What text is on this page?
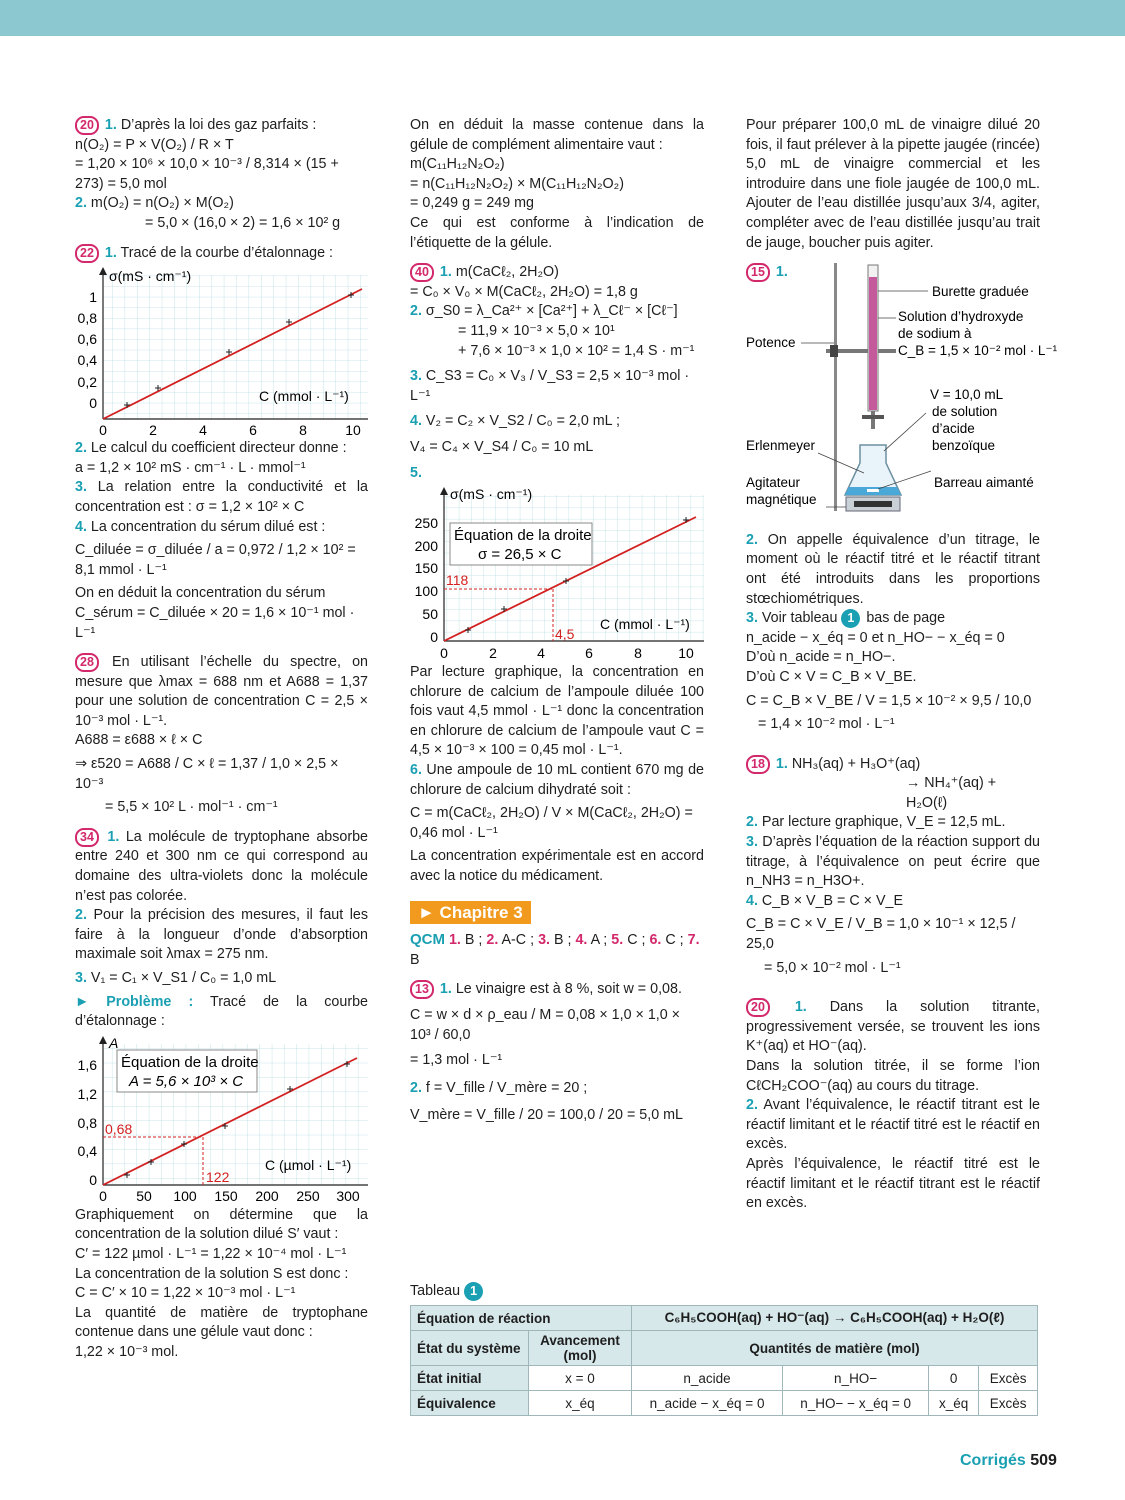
20 1. D’après la loi des gaz parfaits :

n(O₂) = P × V(O₂) / R × T

= 1,20 × 10⁶ × 10,0 × 10⁻³ / 8,314 × (15 + 273) = 5,0 mol

2. m(O₂) = n(O₂) × M(O₂)

= 5,0 × (16,0 × 2) = 1,6 × 10² g

22 1. Tracé de la courbe d’étalonnage :

σ(mS · cm⁻¹)
C (mmol · L⁻¹)
1
0,8
0,6
0,4
0,2
0
0	2	4	6	8	10

2. Le calcul du coefficient directeur donne :

a = 1,2 × 10² mS · cm⁻¹ · L · mmol⁻¹

3. La relation entre la conductivité et la concentration est : σ = 1,2 × 10² × C

4. La concentration du sérum dilué est :

C_diluée = σ_diluée / a = 0,972 / 1,2 × 10² = 8,1 mmol · L⁻¹

On en déduit la concentration du sérum

C_sérum = C_diluée × 20 = 1,6 × 10⁻¹ mol · L⁻¹

28 En utilisant l’échelle du spectre, on mesure que λmax = 688 nm et A688 = 1,37 pour une solution de concentration C = 2,5 × 10⁻³ mol · L⁻¹.

A688 = ε688 × ℓ × C

⇒ ε520 = A688 / C × ℓ = 1,37 / 1,0 × 2,5 × 10⁻³

= 5,5 × 10² L · mol⁻¹ · cm⁻¹

34 1. La molécule de tryptophane absorbe entre 240 et 300 nm ce qui correspond au domaine des ultra-violets donc la molécule n’est pas colorée.

2. Pour la précision des mesures, il faut les faire à la longueur d’onde d’absorption maximale soit λmax = 275 nm.

3. V₁ = C₁ × V_S1 / C₀ = 1,0 mL

► Problème : Tracé de la courbe d’étalonnage :

Équation de la droite
A = 5,6 × 10³ × C
A
C (µmol · L⁻¹)
0,68
122
1,6
1,2
0,8
0,4
0
0 50 100 150 200 250 300

Graphiquement on détermine que la concentration de la solution dilué S′ vaut :

C′ = 122 µmol · L⁻¹ = 1,22 × 10⁻⁴ mol · L⁻¹

La concentration de la solution S est donc :

C = C′ × 10 = 1,22 × 10⁻³ mol · L⁻¹

La quantité de matière de tryptophane contenue dans une gélule vaut donc :

1,22 × 10⁻³ mol.

On en déduit la masse contenue dans la gélule de complément alimentaire vaut :

m(C₁₁H₁₂N₂O₂)

= n(C₁₁H₁₂N₂O₂) × M(C₁₁H₁₂N₂O₂)

= 0,249 g = 249 mg

Ce qui est conforme à l’indication de l’étiquette de la gélule.

40 1. m(CaCℓ₂, 2H₂O)

= C₀ × V₀ × M(CaCℓ₂, 2H₂O) = 1,8 g

2. σ_S0 = λ_Ca²⁺ × [Ca²⁺] + λ_Cℓ⁻ × [Cℓ⁻]

= 11,9 × 10⁻³ × 5,0 × 10¹

+ 7,6 × 10⁻³ × 1,0 × 10² = 1,4 S · m⁻¹

3. C_S3 = C₀ × V₃ / V_S3 = 2,5 × 10⁻³ mol · L⁻¹

4. V₂ = C₂ × V_S2 / C₀ = 2,0 mL ;

V₄ = C₄ × V_S4 / C₀ = 10 mL

5.

Équation de la droite
σ = 26,5 × C
σ(mS · cm⁻¹)
C (mmol · L⁻¹)
118
4,5
250
200
150
100
50
0
0	2	4	6	8	10

Par lecture graphique, la concentration en chlorure de calcium de l’ampoule diluée 100 fois vaut 4,5 mmol · L⁻¹ donc la concentration en chlorure de calcium de l’ampoule vaut C = 4,5 × 10⁻³ × 100 = 0,45 mol · L⁻¹.

6. Une ampoule de 10 mL contient 670 mg de chlorure de calcium dihydraté soit :

C = m(CaCℓ₂, 2H₂O) / V × M(CaCℓ₂, 2H₂O) = 0,46 mol · L⁻¹

La concentration expérimentale est en accord avec la notice du médicament.

► Chapitre 3

QCM 1. B ; 2. A-C ; 3. B ; 4. A ; 5. C ; 6. C ; 7. B

13 1. Le vinaigre est à 8 %, soit w = 0,08.

C = w × d × ρ_eau / M = 0,08 × 1,0 × 1,0 × 10³ / 60,0

= 1,3 mol · L⁻¹

2. f = V_fille / V_mère = 20 ;

V_mère = V_fille / 20 = 100,0 / 20 = 5,0 mL

Pour préparer 100,0 mL de vinaigre dilué 20 fois, il faut prélever à la pipette jaugée (rincée) 5,0 mL de vinaigre commercial et les introduire dans une fiole jaugée de 100,0 mL. Ajouter de l’eau distillée jusqu’aux 3/4, agiter, compléter avec de l’eau distillée jusqu’au trait de jauge, boucher puis agiter.

15 1.

Burette graduée
Solution d’hydroxyde
de sodium à
C_B = 1,5 × 10⁻² mol · L⁻¹
Potence
V = 10,0 mL
de solution
d’acide
benzoïque
Erlenmeyer
Agitateur
magnétique
Barreau aimanté

2. On appelle équivalence d’un titrage, le moment où le réactif titré et le réactif titrant ont été introduits dans les proportions stœchiométriques.

3. Voir tableau 1 bas de page

n_acide − x_éq = 0 et n_HO− − x_éq = 0

D’où n_acide = n_HO−.

D’où C × V = C_B × V_BE.

C = C_B × V_BE / V = 1,5 × 10⁻² × 9,5 / 10,0

= 1,4 × 10⁻² mol · L⁻¹

18 1. NH₃(aq) + H₃O⁺(aq)

→ NH₄⁺(aq) + H₂O(ℓ)

2. Par lecture graphique, V_E = 12,5 mL.

3. D’après l’équation de la réaction support du titrage, à l’équivalence on peut écrire que n_NH3 = n_H3O+.

4. C_B × V_B = C × V_E

C_B = C × V_E / V_B = 1,0 × 10⁻¹ × 12,5 / 25,0

= 5,0 × 10⁻² mol · L⁻¹

20 1. Dans la solution titrante, progressivement versée, se trouvent les ions K⁺(aq) et HO⁻(aq).

Dans la solution titrée, il se forme l’ion CℓCH₂COO⁻(aq) au cours du titrage.

2. Avant l’équivalence, le réactif titrant est le réactif limitant et le réactif titré est le réactif en excès.

Après l’équivalence, le réactif titré est le réactif limitant et le réactif titrant est le réactif en excès.

Tableau 1

Équation de réaction		C₆H₅COOH(aq) + HO⁻(aq) → C₆H₅COOH(aq) + H₂O(ℓ)			
État du système	Avancement (mol)	Quantités de matière (mol)			
État initial	x = 0	n_acide	n_HO−	0	Excès
Équivalence	x_éq	n_acide − x_éq = 0	n_HO− − x_éq = 0	x_éq	Excès
Corrigés 509
